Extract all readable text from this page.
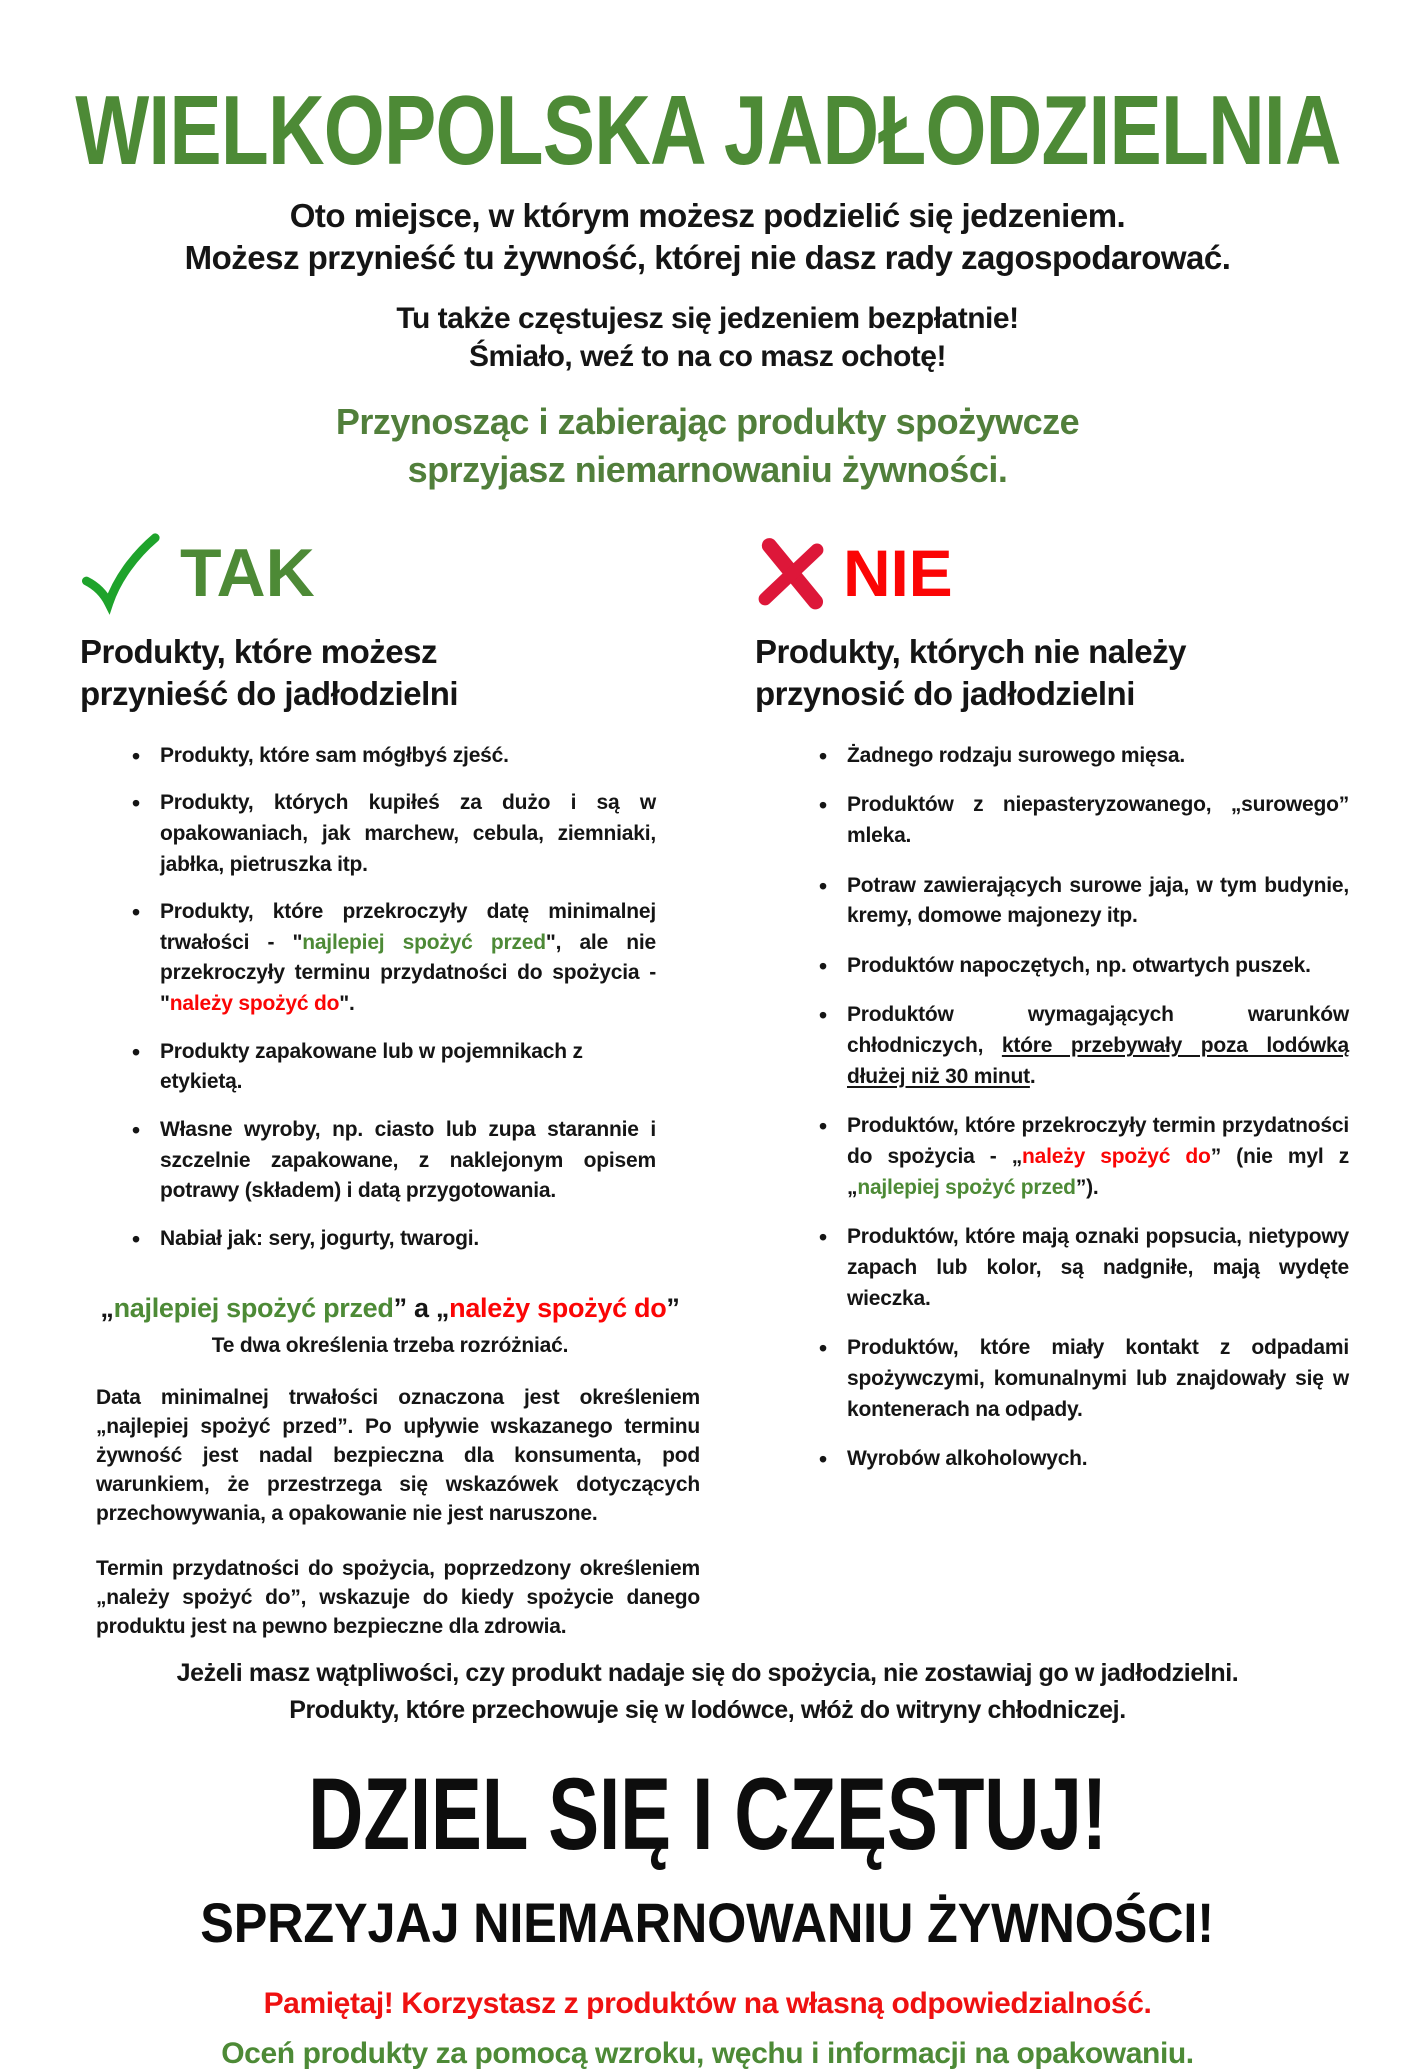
WIELKOPOLSKA JADŁODZIELNIA
Oto miejsce, w którym możesz podzielić się jedzeniem.
Możesz przynieść tu żywność, której nie dasz rady zagospodarować.
Tu także częstujesz się jedzeniem bezpłatnie!
Śmiało, weź to na co masz ochotę!
Przynosząc i zabierając produkty spożywcze
sprzyjasz niemarnowaniu żywności.
TAK
Produkty, które możesz
przynieść do jadłodzielni
• Produkty, które sam mógłbyś zjeść.
• Produkty, których kupiłeś za dużo i są w opakowaniach, jak marchew, cebula, ziemniaki, jabłka, pietruszka itp.
• Produkty, które przekroczyły datę minimalnej trwałości - "najlepiej spożyć przed", ale nie przekroczyły terminu przydatności do spożycia - "należy spożyć do".
• Produkty zapakowane lub w pojemnikach z etykietą.
• Własne wyroby, np. ciasto lub zupa starannie i szczelnie zapakowane, z naklejonym opisem potrawy (składem) i datą przygotowania.
• Nabiał jak: sery, jogurty, twarogi.
„najlepiej spożyć przed” a „należy spożyć do”
Te dwa określenia trzeba rozróżniać.

Data minimalnej trwałości oznaczona jest określeniem „najlepiej spożyć przed”. Po upływie wskazanego terminu żywność jest nadal bezpieczna dla konsumenta, pod warunkiem, że przestrzega się wskazówek dotyczących przechowywania, a opakowanie nie jest naruszone.

Termin przydatności do spożycia, poprzedzony określeniem „należy spożyć do”, wskazuje do kiedy spożycie danego produktu jest na pewno bezpieczne dla zdrowia.

NIE
Produkty, których nie należy
przynosić do jadłodzielni
• Żadnego rodzaju surowego mięsa.
• Produktów z niepasteryzowanego, „surowego” mleka.
• Potraw zawierających surowe jaja, w tym budynie, kremy, domowe majonezy itp.
• Produktów napoczętych, np. otwartych puszek.
• Produktów wymagających warunków chłodniczych, które przebywały poza lodówką dłużej niż 30 minut.
• Produktów, które przekroczyły termin przydatności do spożycia - „należy spożyć do” (nie myl z „najlepiej spożyć przed”).
• Produktów, które mają oznaki popsucia, nietypowy zapach lub kolor, są nadgniłe, mają wydęte wieczka.
• Produktów, które miały kontakt z odpadami spożywczymi, komunalnymi lub znajdowały się w kontenerach na odpady.
• Wyrobów alkoholowych.
Jeżeli masz wątpliwości, czy produkt nadaje się do spożycia, nie zostawiaj go w jadłodzielni.
Produkty, które przechowuje się w lodówce, włóż do witryny chłodniczej.
DZIEL SIĘ I CZĘSTUJ!
SPRZYJAJ NIEMARNOWANIU ŻYWNOŚCI!
Pamiętaj! Korzystasz z produktów na własną odpowiedzialność.
Oceń produkty za pomocą wzroku, węchu i informacji na opakowaniu.
